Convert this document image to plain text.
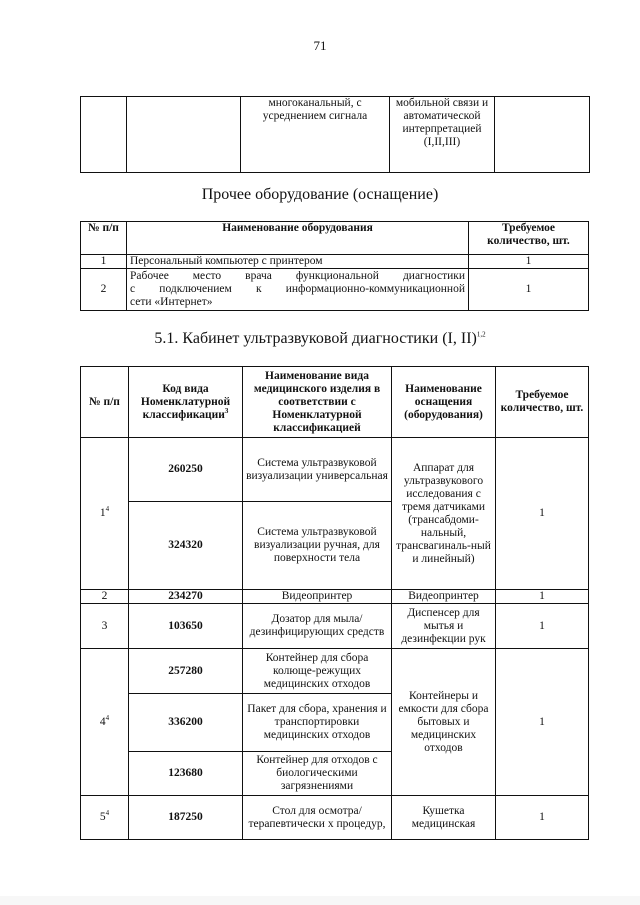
71
		многоканальный, с усреднением сигнала	мобильной связи и автоматической интерпретацией (I,II,III)	
Прочее оборудование (оснащение)
№ п/п	Наименование оборудования	Требуемое количество, шт.
1	Персональный компьютер с принтером	1
2	Рабочее место врача функциональной диагностики
с подключением к информационно-коммуникационной
сети «Интернет»	1
5.1. Кабинет ультразвуковой диагностики (I, II)$^{1,2}$
№ п/п	Код вида Номенклатурной классификации$^3$	Наименование вида медицинского изделия в соответствии с Номенклатурной классификацией	Наименование оснащения (оборудования)	Требуемое количество, шт.
$1^4$	260250	Система ультразвуковой визуализации универсальная	Аппарат для ультразвукового исследования с тремя датчиками (трансабдоми-нальный, трансвагиналь-ный и линейный)	1
	324320	Система ультразвуковой визуализации ручная, для поверхности тела		
2	234270	Видеопринтер	Видеопринтер	1
3	103650	Дозатор для мыла/ дезинфицирующих средств	Диспенсер для мытья и дезинфекции рук	1
$4^4$	257280	Контейнер для сбора колюще-режущих медицинских отходов	Контейнеры и емкости для сбора бытовых и медицинских отходов	1
	336200	Пакет для сбора, хранения и транспортировки медицинских отходов		
	123680	Контейнер для отходов с биологическими загрязнениями		
$5^4$	187250	Стол для осмотра/терапевтически х процедур,	Кушетка медицинская	1
